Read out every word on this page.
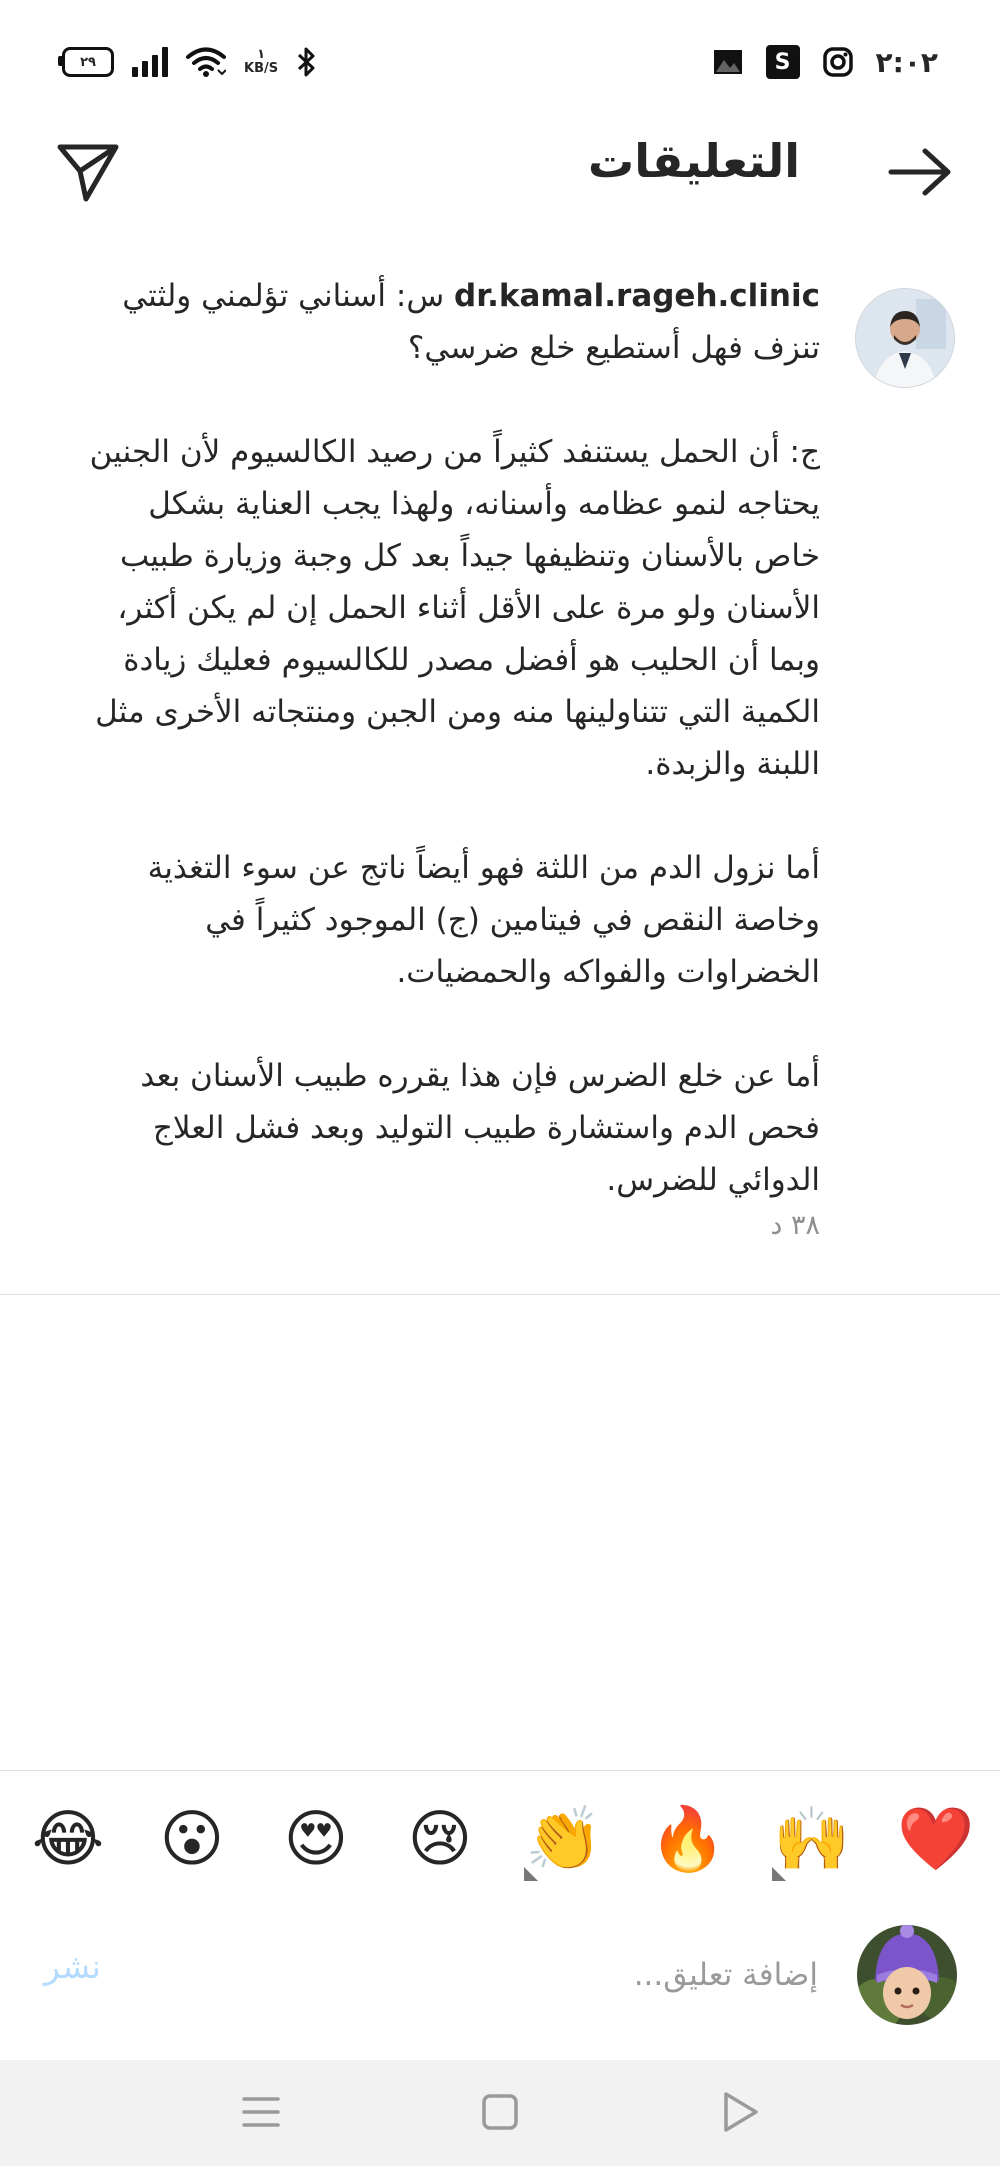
٢٩	١
KB/S	S	٢:٠٢
التعليقات

dr.kamal.rageh.clinic س: أسناني تؤلمني ولثتي تنزف فهل أستطيع خلع ضرسي؟

ج: أن الحمل يستنفد كثيراً من رصيد الكالسيوم لأن الجنين يحتاجه لنمو عظامه وأسنانه، ولهذا يجب العناية بشكل خاص بالأسنان وتنظيفها جيداً بعد كل وجبة وزيارة طبيب الأسنان ولو مرة على الأقل أثناء الحمل إن لم يكن أكثر، وبما أن الحليب هو أفضل مصدر للكالسيوم فعليك زيادة الكمية التي تتناولينها منه ومن الجبن ومنتجاته الأخرى مثل اللبنة والزبدة.

أما نزول الدم من اللثة فهو أيضاً ناتج عن سوء التغذية وخاصة النقص في فيتامين (ج) الموجود كثيراً في الخضراوات والفواكه والحمضيات.

أما عن خلع الضرس فإن هذا يقرره طبيب الأسنان بعد فحص الدم واستشارة طبيب التوليد وبعد فشل العلاج الدوائي للضرس.

٣٨ د
❤️
🙌
🔥
👏
😢
😍
😮
😂
إضافة تعليق...
نشر
